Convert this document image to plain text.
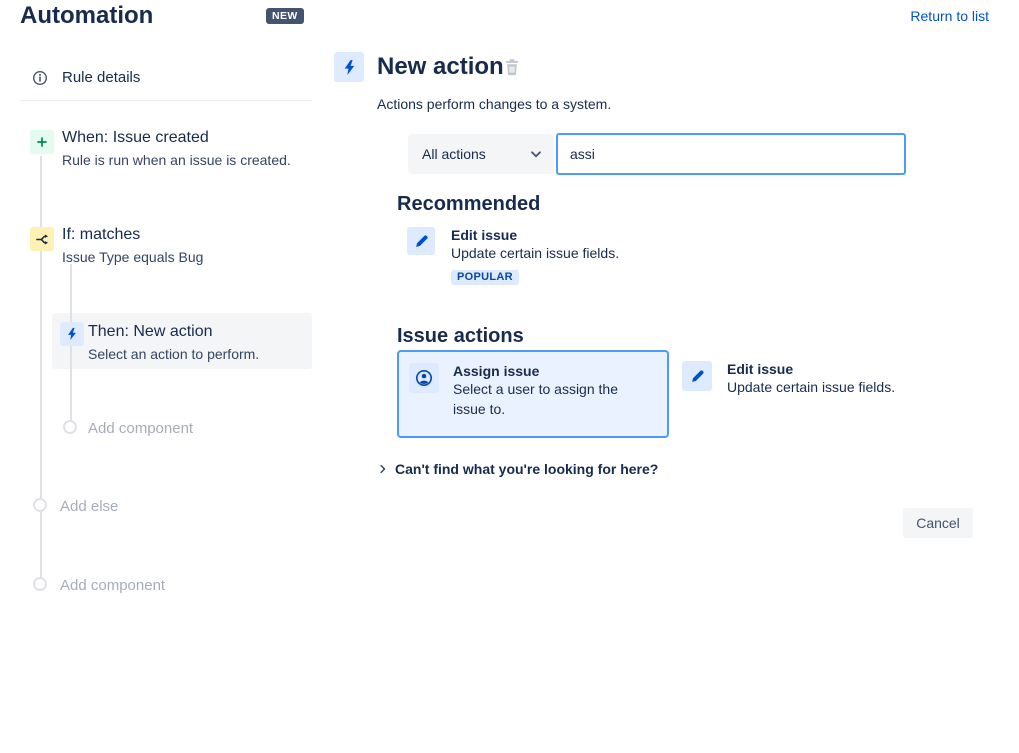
Automation	NEW	Return to list
Rule details
When: Issue created
Rule is run when an issue is created.
If: matches
Issue Type equals Bug
Then: New action
Select an action to perform.
Add component
Add else
Add component
New action
Actions perform changes to a system.
All actions
assi
Recommended
Edit issue
Update certain issue fields.
POPULAR
Issue actions
Assign issue
Select a user to assign the issue to.
Edit issue
Update certain issue fields.
Can't find what you're looking for here?
Cancel
